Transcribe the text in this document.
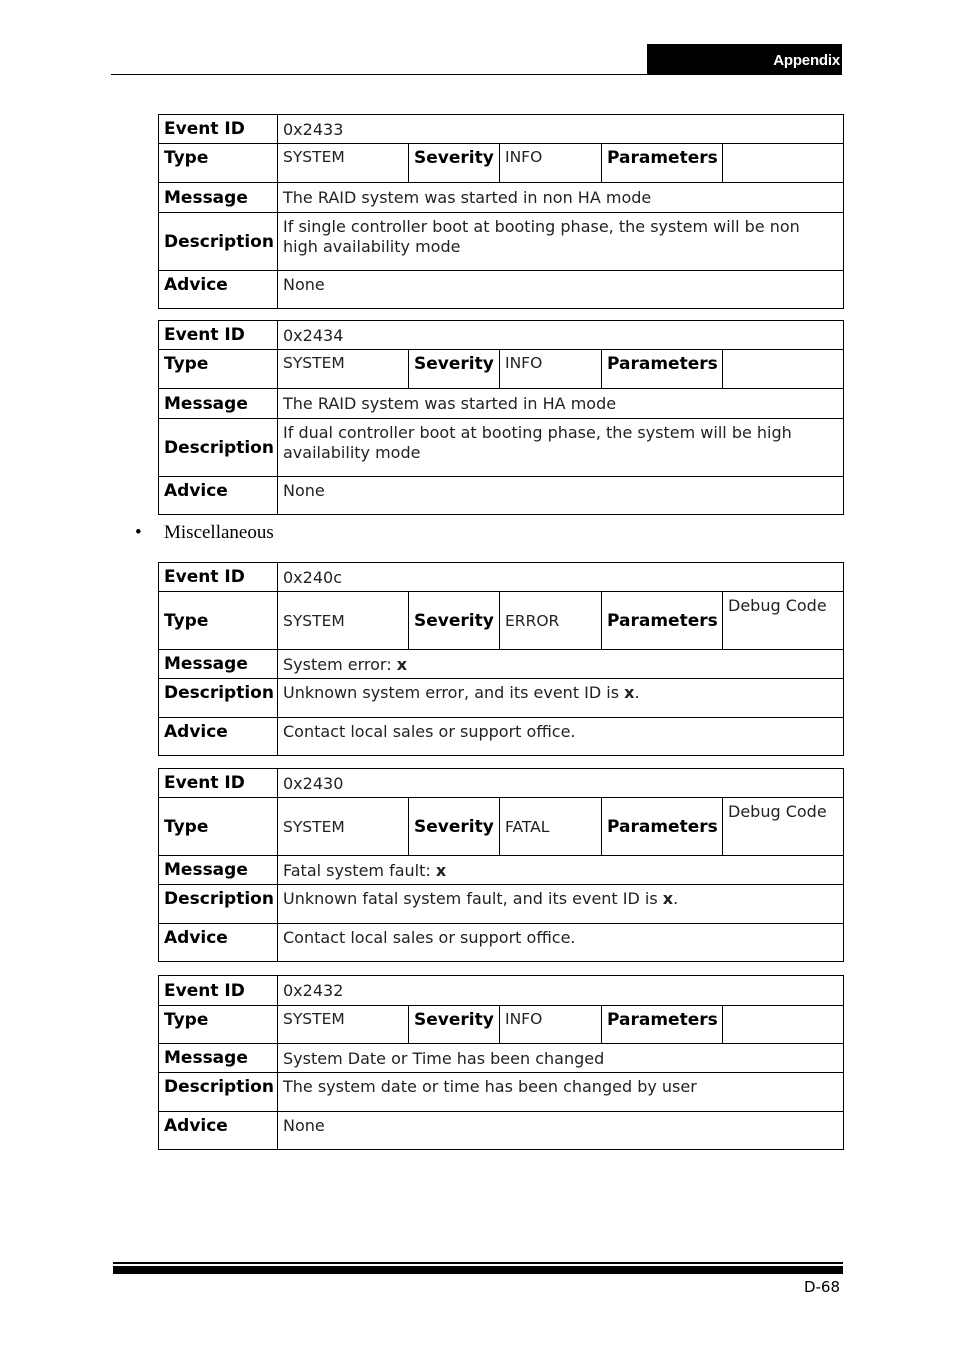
Appendix
Event ID	0x2433				
Type	SYSTEM	Severity	INFO	Parameters	
Message	The RAID system was started in non HA mode				
Description	If single controller boot at booting phase, the system will be non high availability mode				
Advice	None				
Event ID	0x2434				
Type	SYSTEM	Severity	INFO	Parameters	
Message	The RAID system was started in HA mode				
Description	If dual controller boot at booting phase, the system will be high availability mode				
Advice	None				
• Miscellaneous
Event ID	0x240c				
Type	SYSTEM	Severity	ERROR	Parameters	Debug Code
Message	System error: x				
Description	Unknown system error, and its event ID is x.				
Advice	Contact local sales or support office.				
Event ID	0x2430				
Type	SYSTEM	Severity	FATAL	Parameters	Debug Code
Message	Fatal system fault: x				
Description	Unknown fatal system fault, and its event ID is x.				
Advice	Contact local sales or support office.				
Event ID	0x2432				
Type	SYSTEM	Severity	INFO	Parameters	
Message	System Date or Time has been changed				
Description	The system date or time has been changed by user				
Advice	None				
D-68
